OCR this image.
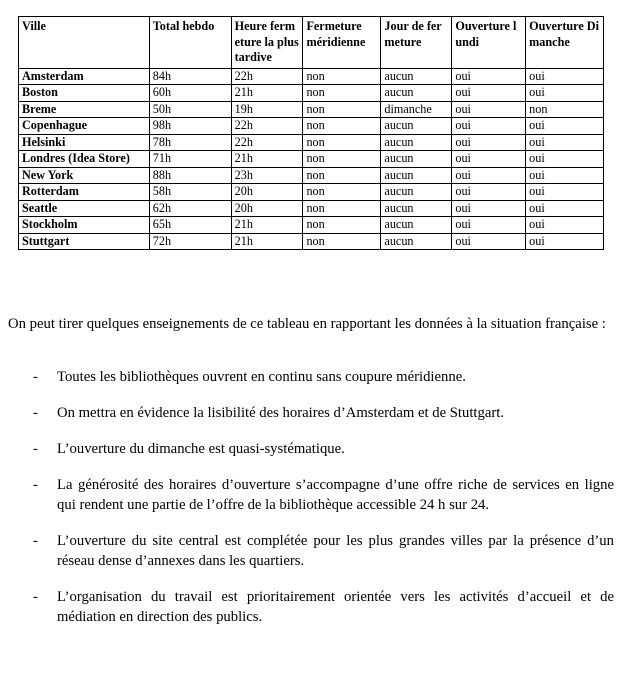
Ville	Total hebdo	Heure fermeture la plus tardive	Fermeture méridienne	Jour de fermeture	Ouverture lundi	Ouverture Dimanche
Amsterdam	84h	22h	non	aucun	oui	oui
Boston	60h	21h	non	aucun	oui	oui
Breme	50h	19h	non	dimanche	oui	non
Copenhague	98h	22h	non	aucun	oui	oui
Helsinki	78h	22h	non	aucun	oui	oui
Londres (Idea Store)	71h	21h	non	aucun	oui	oui
New York	88h	23h	non	aucun	oui	oui
Rotterdam	58h	20h	non	aucun	oui	oui
Seattle	62h	20h	non	aucun	oui	oui
Stockholm	65h	21h	non	aucun	oui	oui
Stuttgart	72h	21h	non	aucun	oui	oui

On peut tirer quelques enseignements de ce tableau en rapportant les données à la situation française :

- Toutes les bibliothèques ouvrent en continu sans coupure méridienne.
- On mettra en évidence la lisibilité des horaires d’Amsterdam et de Stuttgart.
- L’ouverture du dimanche est quasi-systématique.
- La générosité des horaires d’ouverture s’accompagne d’une offre riche de services en ligne qui rendent une partie de l’offre de la bibliothèque accessible 24 h sur 24.
- L’ouverture du site central est complétée pour les plus grandes villes par la présence d’un réseau dense d’annexes dans les quartiers.
- L’organisation du travail est prioritairement orientée vers les activités d’accueil et de médiation en direction des publics.
